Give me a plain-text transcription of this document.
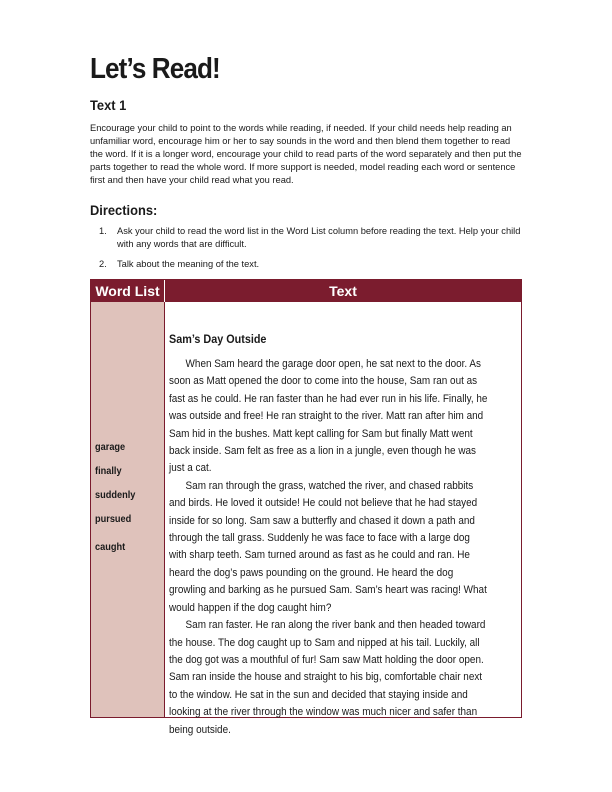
Let’s Read!
Text 1

Encourage your child to point to the words while reading, if needed. If your child needs help reading an unfamiliar word, encourage him or her to say sounds in the word and then blend them together to read the word. If it is a longer word, encourage your child to read parts of the word separately and then put the parts together to read the whole word. If more support is needed, model reading each word or sentence first and then have your child read what you read.

Directions:
1. Ask your child to read the word list in the Word List column before reading the text. Help your child with any words that are difficult.
2. Talk about the meaning of the text.
Word List	Text
garage
finally
suddenly
pursued
caught
Sam’s Day Outside

When Sam heard the garage door open, he sat next to the door. As soon as Matt opened the door to come into the house, Sam ran out as fast as he could. He ran faster than he had ever run in his life. Finally, he was outside and free! He ran straight to the river. Matt ran after him and Sam hid in the bushes. Matt kept calling for Sam but finally Matt went back inside. Sam felt as free as a lion in a jungle, even though he was just a cat.

Sam ran through the grass, watched the river, and chased rabbits and birds. He loved it outside! He could not believe that he had stayed inside for so long. Sam saw a butterfly and chased it down a path and through the tall grass. Suddenly he was face to face with a large dog with sharp teeth. Sam turned around as fast as he could and ran. He heard the dog’s paws pounding on the ground. He heard the dog growling and barking as he pursued Sam. Sam’s heart was racing! What would happen if the dog caught him?

Sam ran faster. He ran along the river bank and then headed toward the house. The dog caught up to Sam and nipped at his tail. Luckily, all the dog got was a mouthful of fur! Sam saw Matt holding the door open. Sam ran inside the house and straight to his big, comfortable chair next to the window. He sat in the sun and decided that staying inside and looking at the river through the window was much nicer and safer than being outside.
